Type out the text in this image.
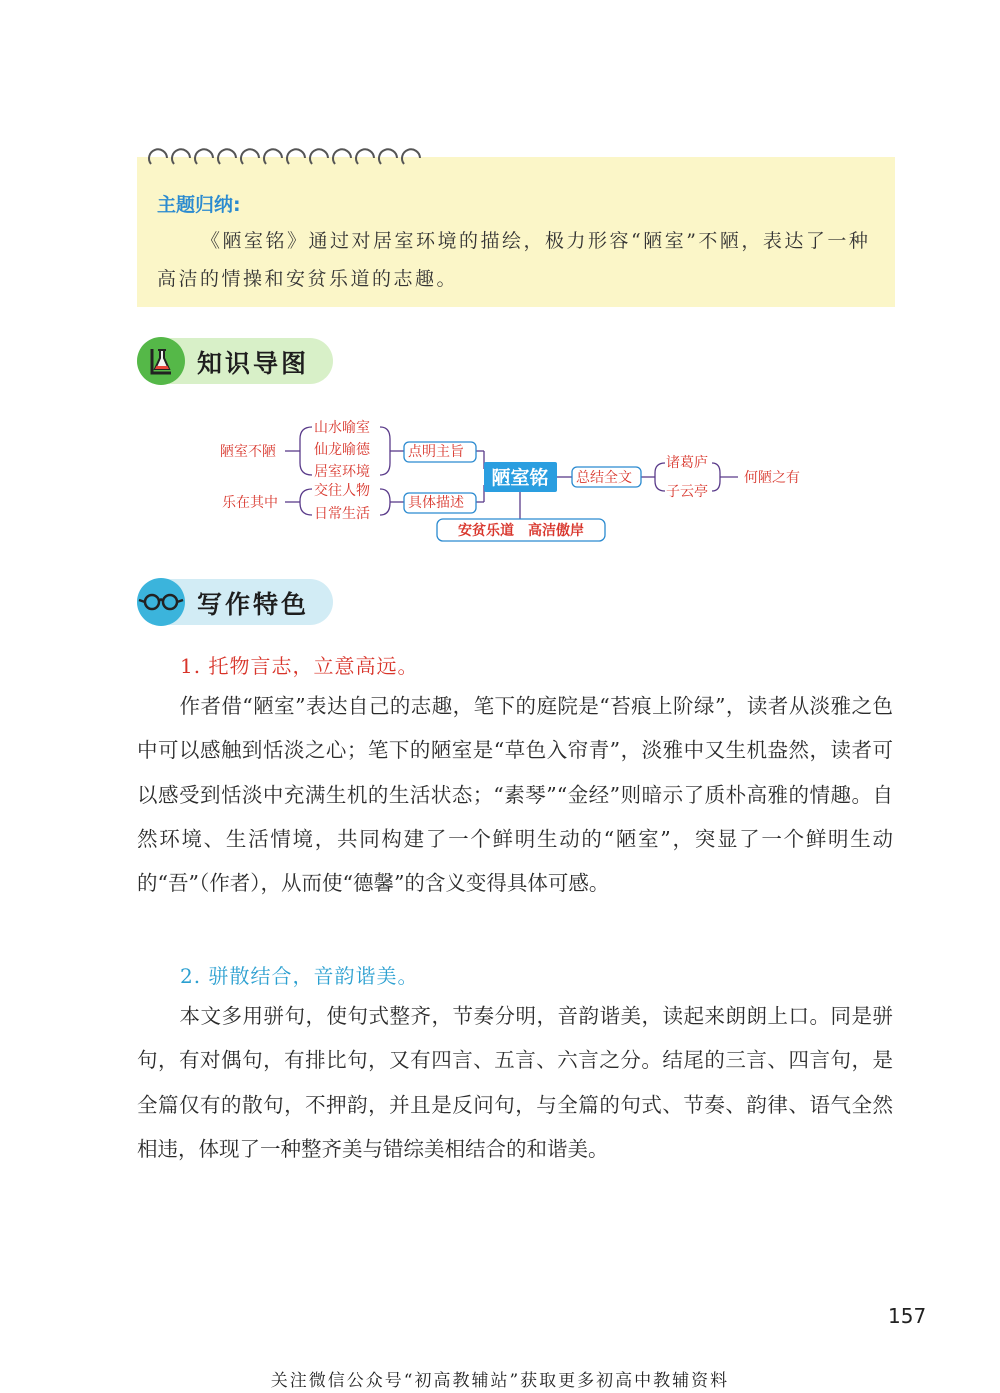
主题归纳:
《陋室铭》通过对居室环境的描绘，极力形容“陋室”不陋，表达了一种高洁的情操和安贫乐道的志趣。
知识导图
陋室不陋
山水喻室
仙龙喻德
居室环境
点明主旨
乐在其中
交往人物
日常生活
具体描述
陋室铭 总结全文
诸葛庐
子云亭
何陋之有
安贫乐道　高洁傲岸
写作特色
1. 托物言志，立意高远。
作者借“陋室”表达自己的志趣，笔下的庭院是“苔痕上阶绿”，读者从淡雅之色中可以感触到恬淡之心；笔下的陋室是“草色入帘青”，淡雅中又生机盎然，读者可以感受到恬淡中充满生机的生活状态；“素琴”“金经”则暗示了质朴高雅的情趣。自然环境、生活情境，共同构建了一个鲜明生动的“陋室”，突显了一个鲜明生动的“吾”（作者），从而使“德馨”的含义变得具体可感。
2. 骈散结合，音韵谐美。
本文多用骈句，使句式整齐，节奏分明，音韵谐美，读起来朗朗上口。同是骈句，有对偶句，有排比句，又有四言、五言、六言之分。结尾的三言、四言句，是全篇仅有的散句，不押韵，并且是反问句，与全篇的句式、节奏、韵律、语气全然相违，体现了一种整齐美与错综美相结合的和谐美。
157
关注微信公众号“初高教辅站”获取更多初高中教辅资料
